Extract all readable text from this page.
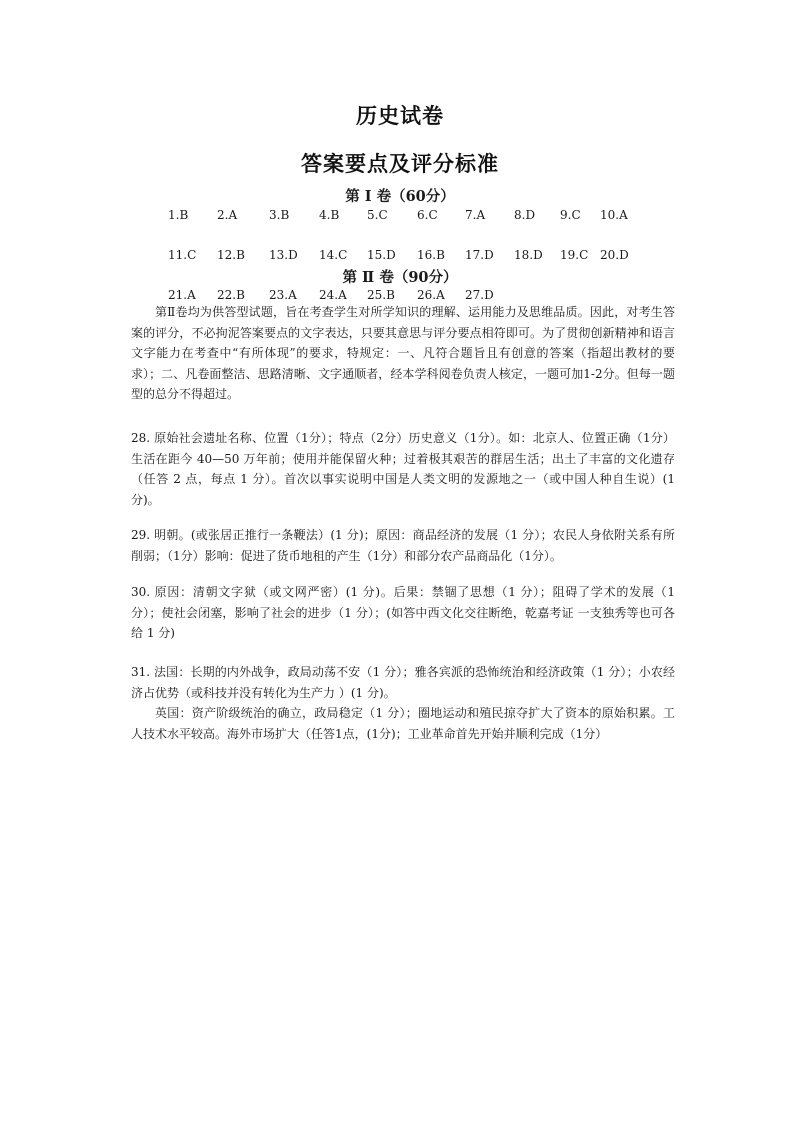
历史试卷
答案要点及评分标准
第 Ⅰ 卷（60分）
1.B 2.A	3.B 4.B 5.C 6.C 7.A 8.D 9.C 10.A
11.C 12.B 13.D 14.C 15.D 16.B 17.D 18.D 19.C 20.D
21.A 22.B 23.A 24.A 25.B 26.A 27.D
第 Ⅱ 卷（90分）

第Ⅱ卷均为供答型试题，旨在考查学生对所学知识的理解、运用能力及思维品质。因此，对考生答案的评分，不必拘泥答案要点的文字表达，只要其意思与评分要点相符即可。为了贯彻创新精神和语言文字能力在考查中“有所体现”的要求，特规定：一、凡符合题旨且有创意的答案（指超出教材的要求）；二、凡卷面整洁、思路清晰、文字通顺者，经本学科阅卷负责人核定，一题可加1-2分。但每一题型的总分不得超过。

28. 原始社会遗址名称、位置（1分）；特点（2分）历史意义（1分）。如：北京人、位置正确（1分）生活在距今 40—50 万年前；使用并能保留火种；过着极其艰苦的群居生活；出土了丰富的文化遗存（任答 2 点，每点 1 分）。首次以事实说明中国是人类文明的发源地之一（或中国人种自生说）(1分)。

29. 明朝。(或张居正推行一条鞭法）(1 分)；原因：商品经济的发展（1 分）；农民人身依附关系有所削弱；（1分）影响：促进了货币地租的产生（1分）和部分农产品商品化（1分）。

30. 原因：清朝文字狱（或文网严密）(1 分)。后果：禁锢了思想（1 分）；阻碍了学术的发展（1 分）；使社会闭塞，影响了社会的进步（1 分）；(如答中西文化交往断绝，乾嘉考证 一支独秀等也可各给 1 分)

31. 法国：长期的内外战争，政局动荡不安（1 分）；雅各宾派的恐怖统治和经济政策（1 分）；小农经济占优势（或科技并没有转化为生产力 ）(1 分)。

英国：资产阶级统治的确立，政局稳定（1 分）；圈地运动和殖民掠夺扩大了资本的原始积累。工人技术水平较高。海外市场扩大（任答1点，(1分)；工业革命首先开始并顺利完成（1分）
